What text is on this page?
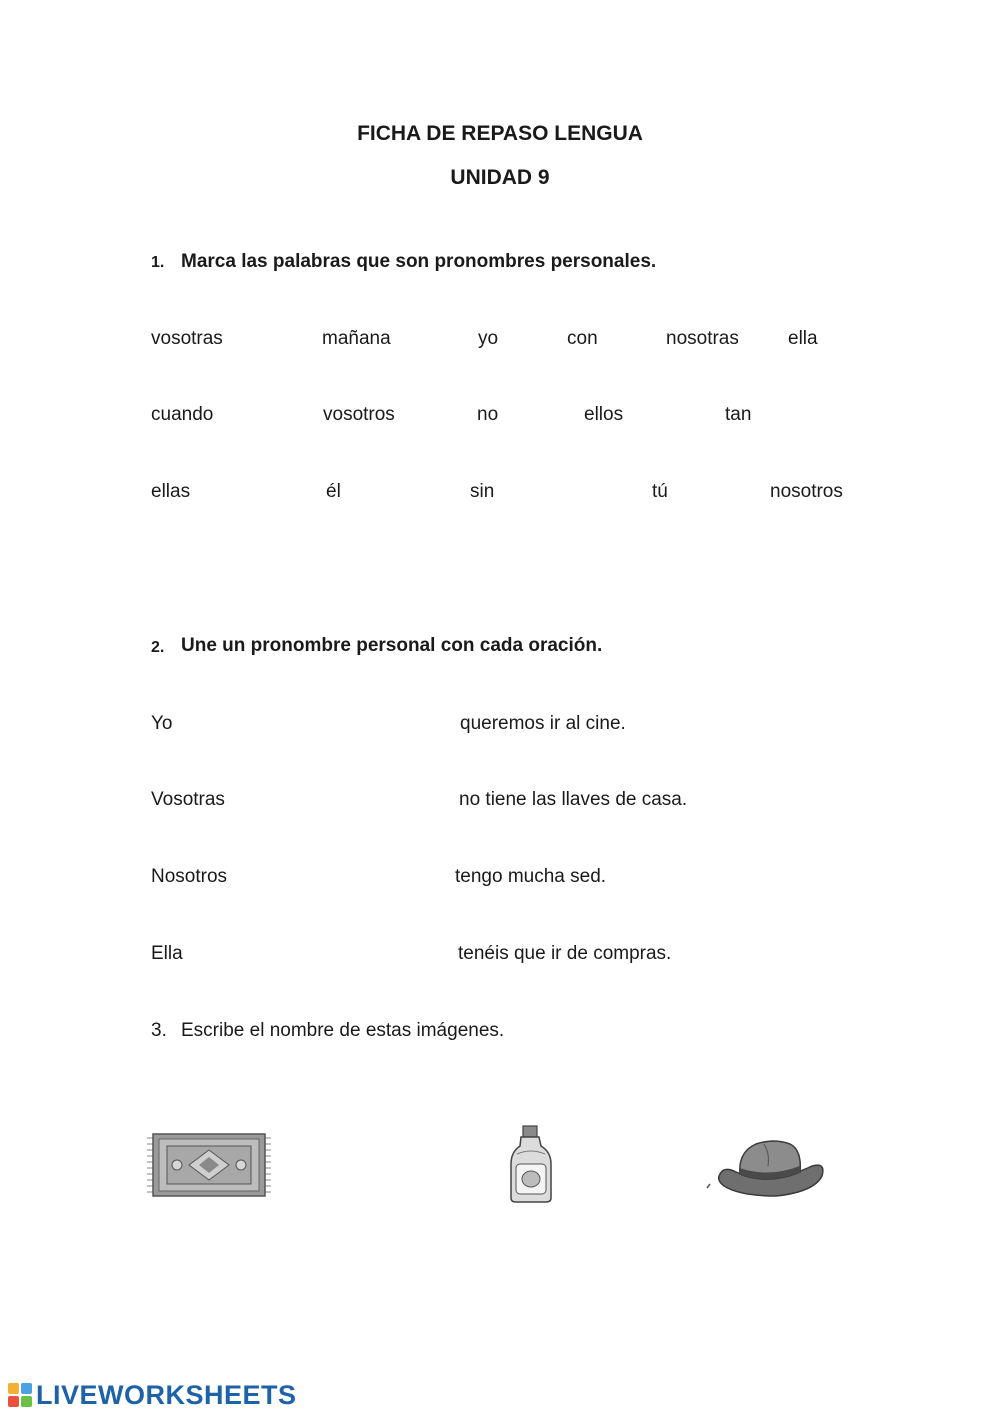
FICHA DE REPASO LENGUA
UNIDAD 9
1. Marca las palabras que son pronombres personales.
vosotras	mañana	yo	con	nosotras	ella
cuando	vosotros	no	ellos	tan
ellas	él	sin	tú	nosotros
2. Une un pronombre personal con cada oración.
Yo	queremos ir al cine.
Vosotras	no tiene las llaves de casa.
Nosotros	tengo mucha sed.
Ella	tenéis que ir de compras.
3. Escribe el nombre de estas imágenes.
LIVEWORKSHEETS
